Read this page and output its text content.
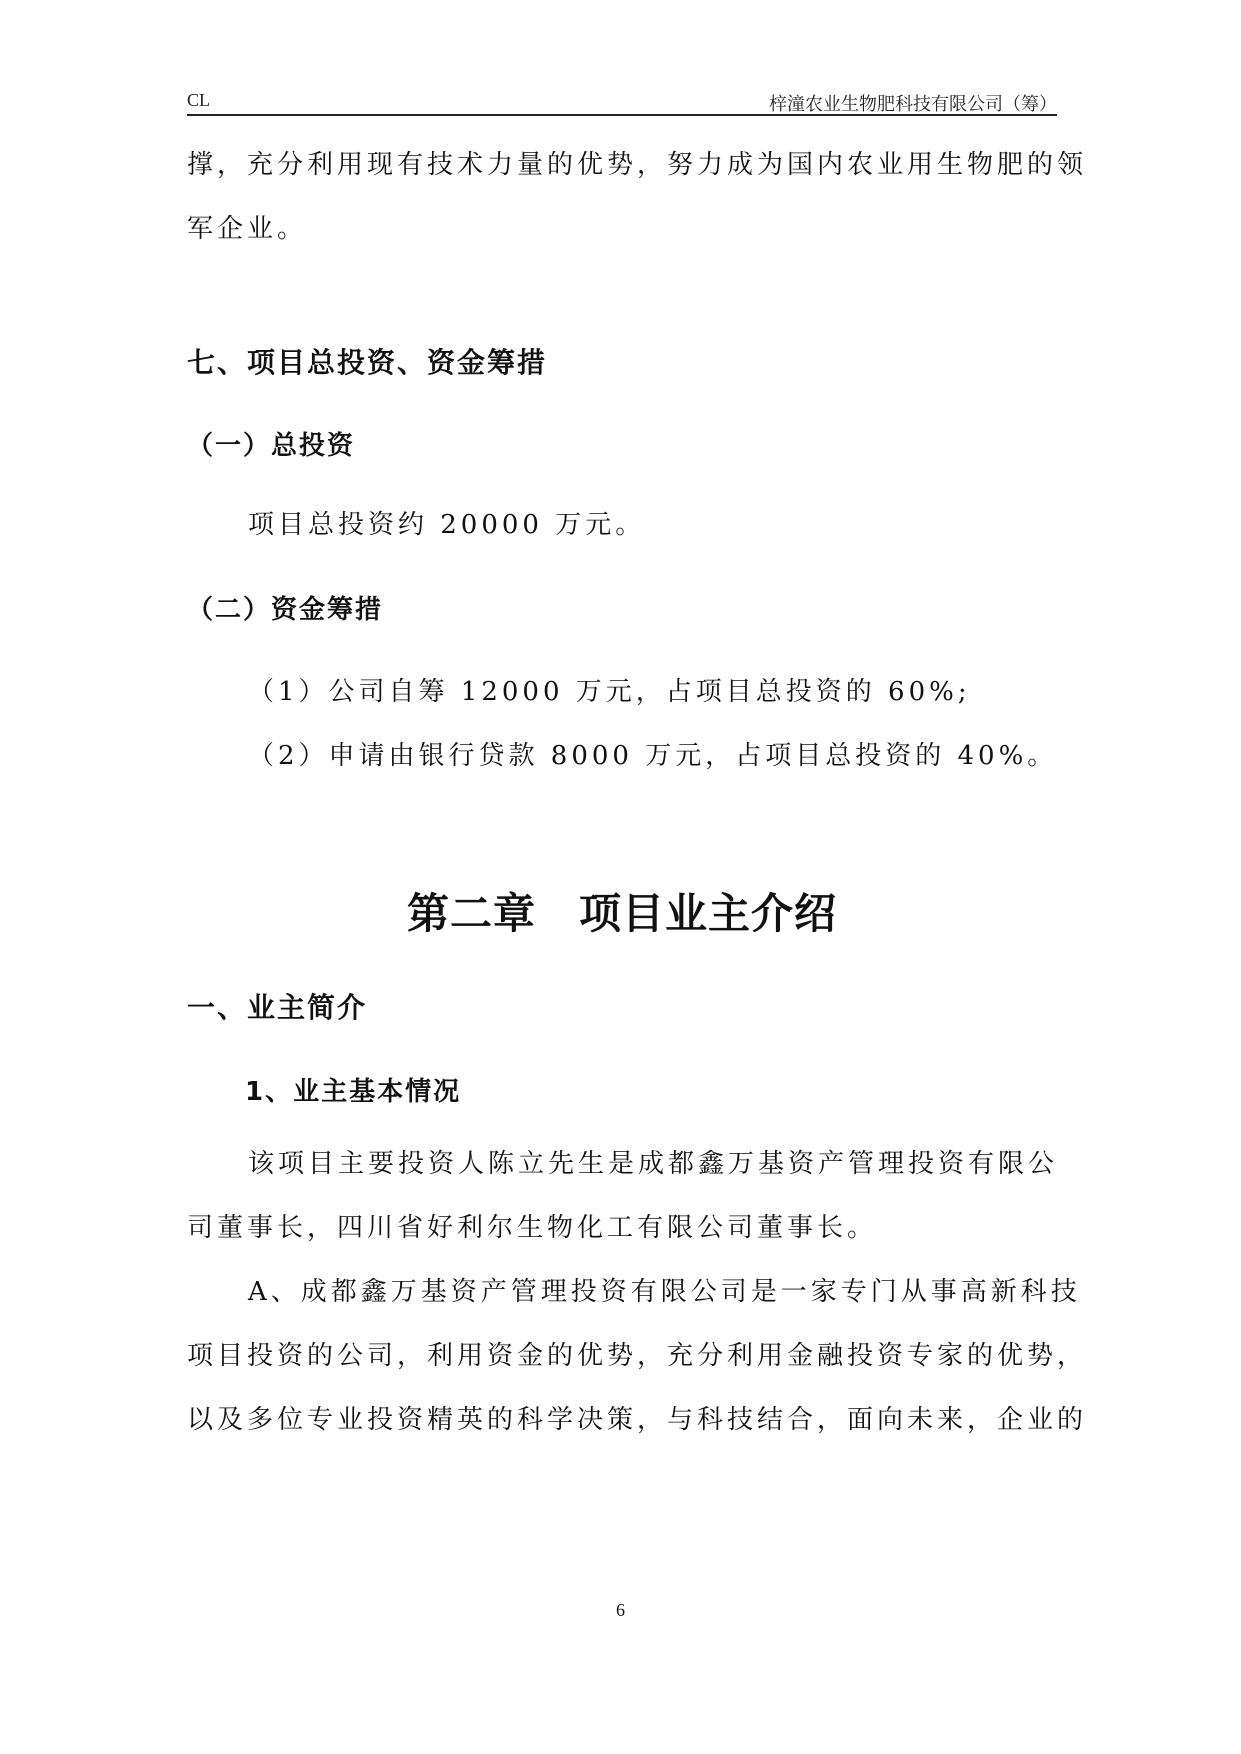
CL	梓潼农业生物肥科技有限公司（筹）

撑，充分利用现有技术力量的优势，努力成为国内农业用生物肥的领

军企业。

七、项目总投资、资金筹措
（一）总投资

项目总投资约 20000 万元。

（二）资金筹措

（1）公司自筹 12000 万元，占项目总投资的 60%;

（2）申请由银行贷款 8000 万元，占项目总投资的 40%。

第二章　项目业主介绍
一、业主简介
1、业主基本情况

该项目主要投资人陈立先生是成都鑫万基资产管理投资有限公

司董事长，四川省好利尔生物化工有限公司董事长。

A、成都鑫万基资产管理投资有限公司是一家专门从事高新科技

项目投资的公司，利用资金的优势，充分利用金融投资专家的优势，

以及多位专业投资精英的科学决策，与科技结合，面向未来，企业的

6
